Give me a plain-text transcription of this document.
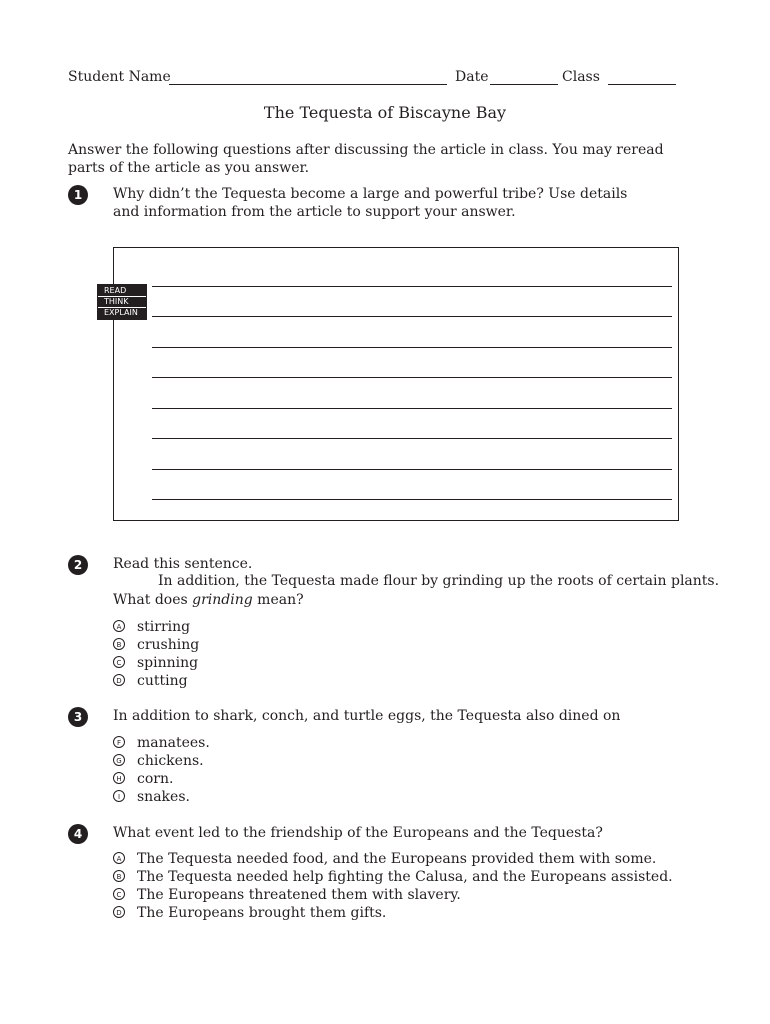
Student Name	Date	Class
The Tequesta of Biscayne Bay
Answer the following questions after discussing the article in class. You may reread parts of the article as you answer.
1	Why didn’t the Tequesta become a large and powerful tribe? Use details and information from the article to support your answer.
READ
THINK
EXPLAIN
2	Read this sentence.
In addition, the Tequesta made flour by grinding up the roots of certain plants.
What does grinding mean?
A stirring
B crushing
C spinning
D cutting
3	In addition to shark, conch, and turtle eggs, the Tequesta also dined on
F manatees.
G chickens.
H corn.
I snakes.
4	What event led to the friendship of the Europeans and the Tequesta?
A The Tequesta needed food, and the Europeans provided them with some.
B The Tequesta needed help fighting the Calusa, and the Europeans assisted.
C The Europeans threatened them with slavery.
D The Europeans brought them gifts.
